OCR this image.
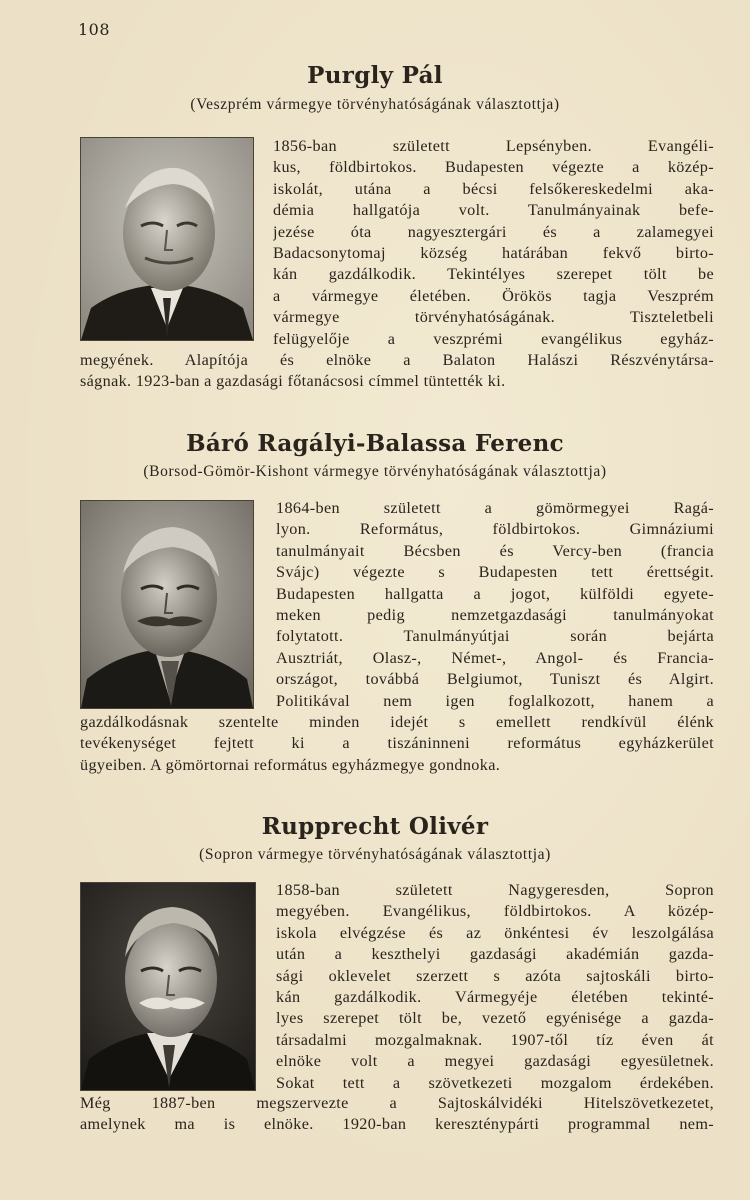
108
Purgly Pál
(Veszprém vármegye törvényhatóságának választottja)
1856-ban született Lepsényben. Evangéli-
kus, földbirtokos. Budapesten végezte a közép-
iskolát, utána a bécsi felsőkereskedelmi aka-
démia hallgatója volt. Tanulmányainak befe-
jezése óta nagyesztergári és a zalamegyei
Badacsonytomaj község határában fekvő birto-
kán gazdálkodik. Tekintélyes szerepet tölt be
a vármegye életében. Örökös tagja Veszprém
vármegye törvényhatóságának. Tiszteletbeli
felügyelője a veszprémi evangélikus egyház-
megyének. Alapítója és elnöke a Balaton Halászi Részvénytársa-
ságnak. 1923-ban a gazdasági főtanácsosi címmel tüntették ki.
Báró Ragályi-Balassa Ferenc
(Borsod-Gömör-Kishont vármegye törvényhatóságának választottja)
1864-ben született a gömörmegyei Ragá-
lyon. Református, földbirtokos. Gimnáziumi
tanulmányait Bécsben és Vercy-ben (francia
Svájc) végezte s Budapesten tett érettségit.
Budapesten hallgatta a jogot, külföldi egyete-
meken pedig nemzetgazdasági tanulmányokat
folytatott. Tanulmányútjai során bejárta
Ausztriát, Olasz-, Német-, Angol- és Francia-
országot, továbbá Belgiumot, Tuniszt és Algirt.
Politikával nem igen foglalkozott, hanem a
gazdálkodásnak szentelte minden idejét s emellett rendkívül élénk
tevékenységet fejtett ki a tiszáninneni református egyházkerület
ügyeiben. A gömörtornai református egyházmegye gondnoka.
Rupprecht Olivér
(Sopron vármegye törvényhatóságának választottja)
1858-ban született Nagygeresden, Sopron
megyében. Evangélikus, földbirtokos. A közép-
iskola elvégzése és az önkéntesi év leszolgálása
után a keszthelyi gazdasági akadémián gazda-
sági oklevelet szerzett s azóta sajtoskáli birto-
kán gazdálkodik. Vármegyéje életében tekinté-
lyes szerepet tölt be, vezető egyénisége a gazda-
társadalmi mozgalmaknak. 1907-től tíz éven át
elnöke volt a megyei gazdasági egyesületnek.
Sokat tett a szövetkezeti mozgalom érdekében.
Még 1887-ben megszervezte a Sajtoskálvidéki Hitelszövetkezetet,
amelynek ma is elnöke. 1920-ban kereszténypárti programmal nem-
